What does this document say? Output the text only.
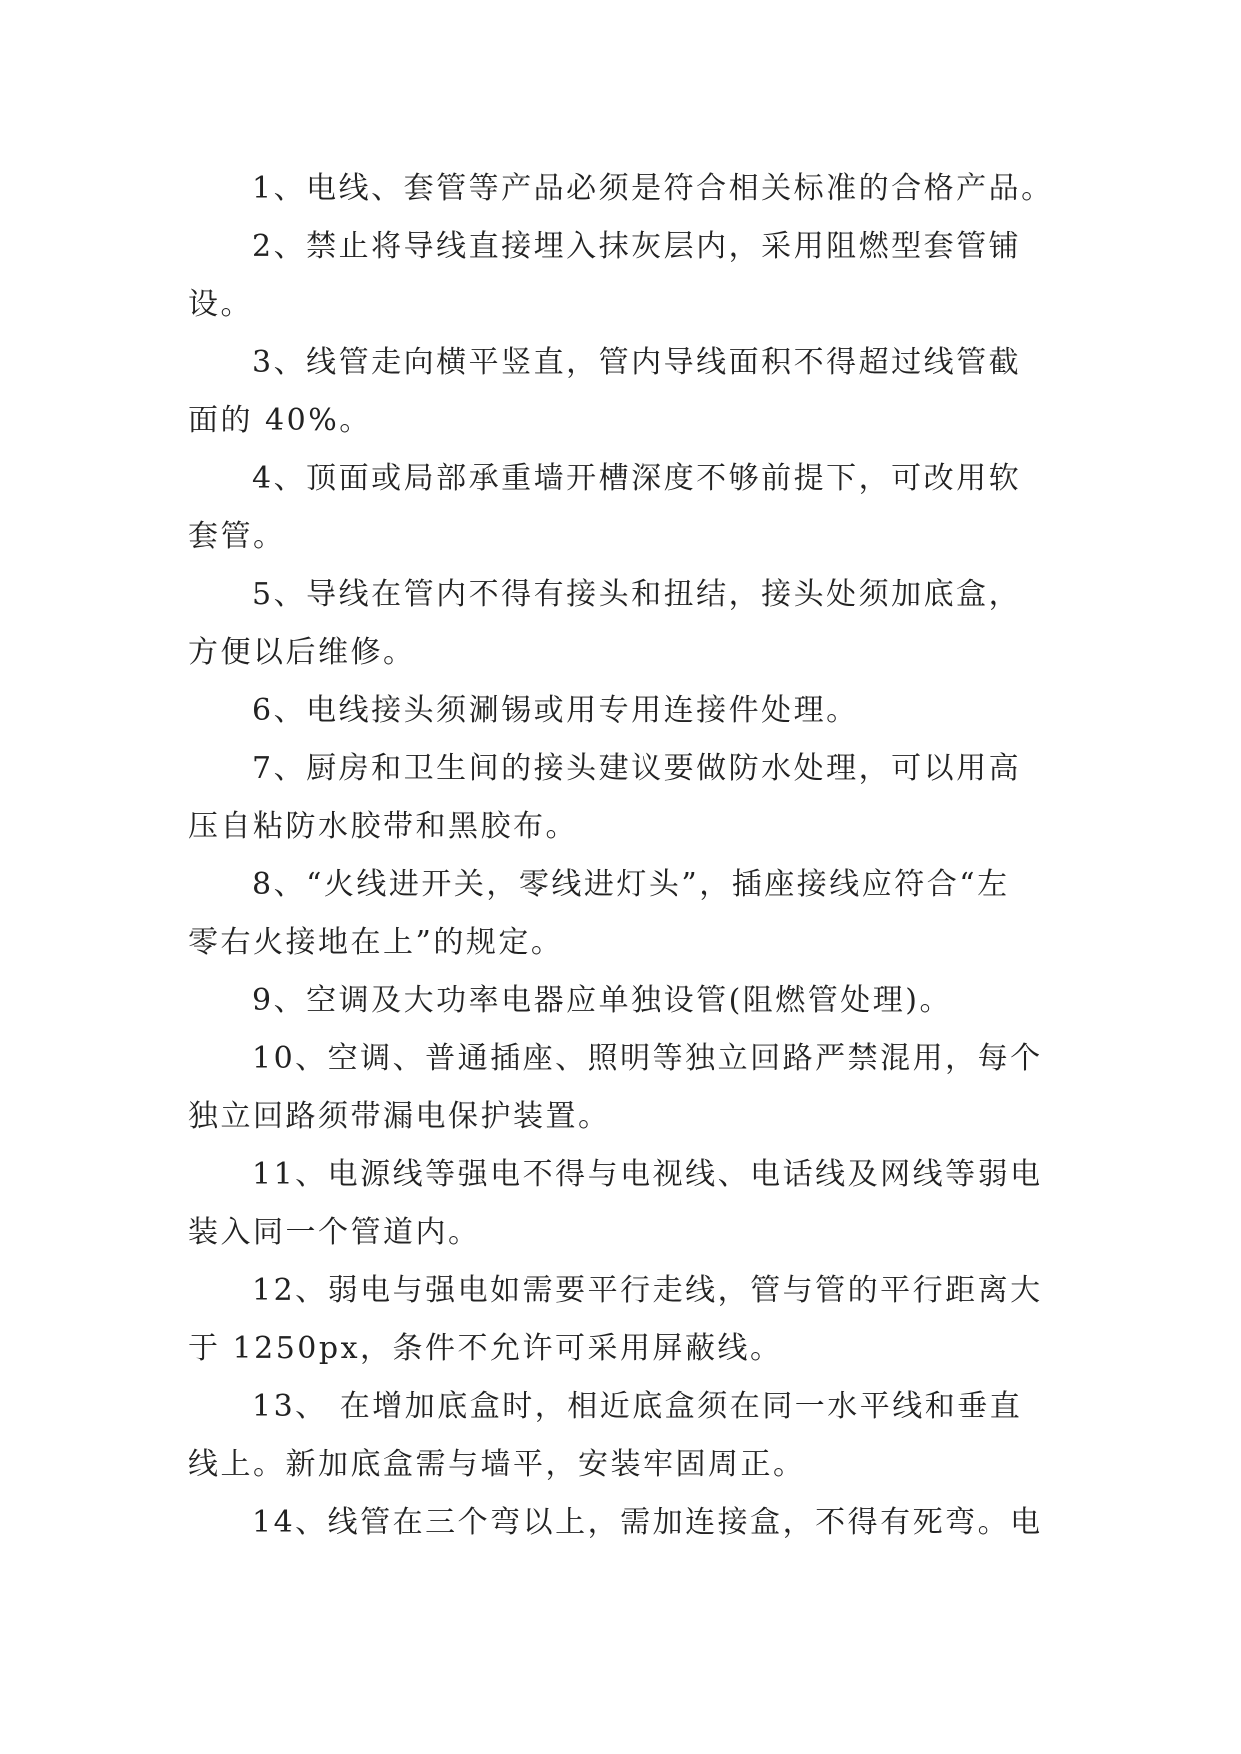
1、电线、套管等产品必须是符合相关标准的合格产品。

2、禁止将导线直接埋入抹灰层内，采用阻燃型套管铺
设。

3、线管走向横平竖直，管内导线面积不得超过线管截
面的 40%。

4、顶面或局部承重墙开槽深度不够前提下，可改用软
套管。

5、导线在管内不得有接头和扭结，接头处须加底盒，
方便以后维修。

6、电线接头须涮锡或用专用连接件处理。

7、厨房和卫生间的接头建议要做防水处理，可以用高
压自粘防水胶带和黑胶布。

8、“火线进开关，零线进灯头”，插座接线应符合“左
零右火接地在上”的规定。

9、空调及大功率电器应单独设管(阻燃管处理)。

10、空调、普通插座、照明等独立回路严禁混用，每个
独立回路须带漏电保护装置。

11、电源线等强电不得与电视线、电话线及网线等弱电
装入同一个管道内。

12、弱电与强电如需要平行走线，管与管的平行距离大
于 1250px，条件不允许可采用屏蔽线。

13、 在增加底盒时，相近底盒须在同一水平线和垂直
线上。新加底盒需与墙平，安装牢固周正。

14、线管在三个弯以上，需加连接盒，不得有死弯。电
